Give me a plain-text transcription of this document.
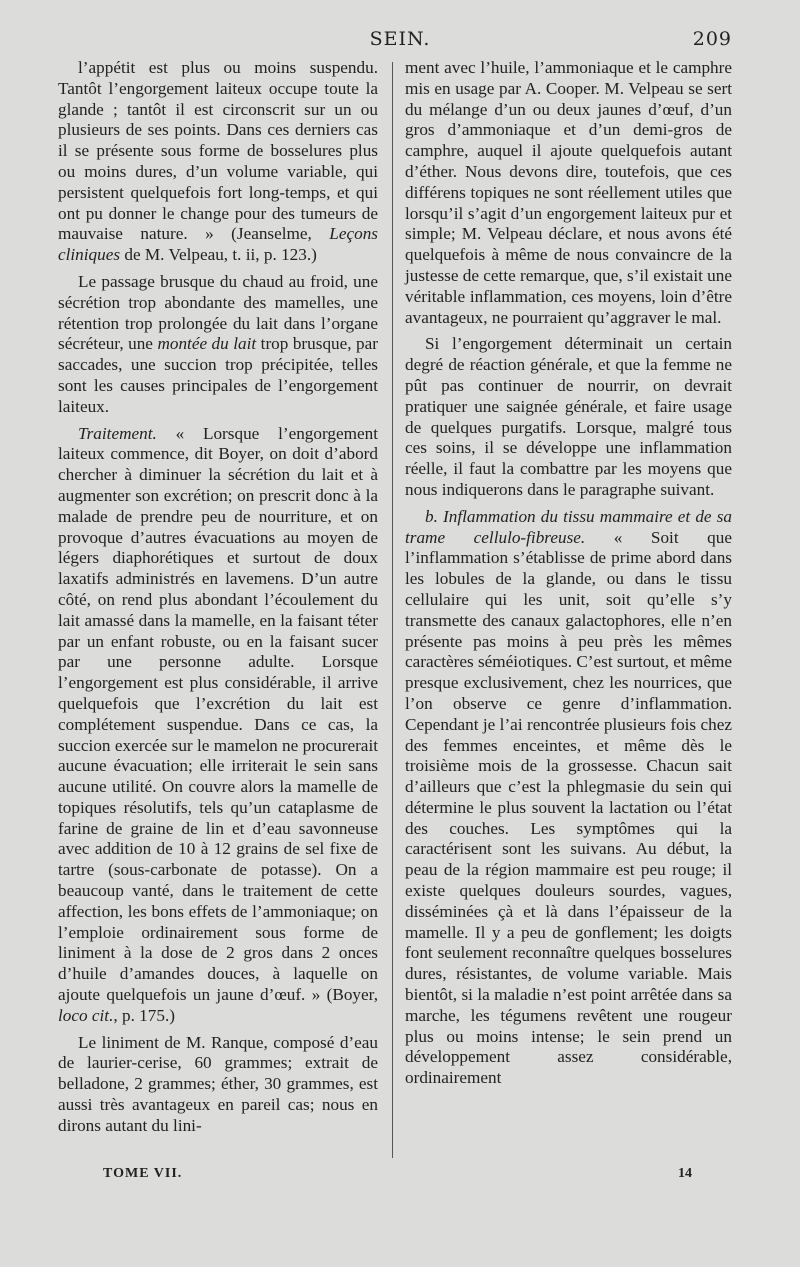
SEIN.	209

l’appétit est plus ou moins suspendu. Tantôt l’engorgement laiteux occupe toute la glande ; tantôt il est circonscrit sur un ou plusieurs de ses points. Dans ces derniers cas il se présente sous forme de bosselures plus ou moins dures, d’un volume variable, qui persistent quelquefois fort long-temps, et qui ont pu donner le change pour des tumeurs de mauvaise nature. » (Jeanselme, Leçons cliniques de M. Velpeau, t. ii, p. 123.)

Le passage brusque du chaud au froid, une sécrétion trop abondante des mamelles, une rétention trop prolongée du lait dans l’organe sécréteur, une montée du lait trop brusque, par saccades, une succion trop précipitée, telles sont les causes principales de l’engorgement laiteux.

Traitement. « Lorsque l’engorgement laiteux commence, dit Boyer, on doit d’abord chercher à diminuer la sécrétion du lait et à augmenter son excrétion; on prescrit donc à la malade de prendre peu de nourriture, et on provoque d’autres évacuations au moyen de légers diaphorétiques et surtout de doux laxatifs administrés en lavemens. D’un autre côté, on rend plus abondant l’écoulement du lait amassé dans la mamelle, en la faisant téter par un enfant robuste, ou en la faisant sucer par une personne adulte. Lorsque l’engorgement est plus considérable, il arrive quelquefois que l’excrétion du lait est complétement suspendue. Dans ce cas, la succion exercée sur le mamelon ne procurerait aucune évacuation; elle irriterait le sein sans aucune utilité. On couvre alors la mamelle de topiques résolutifs, tels qu’un cataplasme de farine de graine de lin et d’eau savonneuse avec addition de 10 à 12 grains de sel fixe de tartre (sous-carbonate de potasse). On a beaucoup vanté, dans le traitement de cette affection, les bons effets de l’ammoniaque; on l’emploie ordinairement sous forme de liniment à la dose de 2 gros dans 2 onces d’huile d’amandes douces, à laquelle on ajoute quelquefois un jaune d’œuf. » (Boyer, loco cit., p. 175.)

Le liniment de M. Ranque, composé d’eau de laurier-cerise, 60 grammes; extrait de belladone, 2 grammes; éther, 30 grammes, est aussi très avantageux en pareil cas; nous en dirons autant du lini-

ment avec l’huile, l’ammoniaque et le camphre mis en usage par A. Cooper. M. Velpeau se sert du mélange d’un ou deux jaunes d’œuf, d’un gros d’ammoniaque et d’un demi-gros de camphre, auquel il ajoute quelquefois autant d’éther. Nous devons dire, toutefois, que ces différens topiques ne sont réellement utiles que lorsqu’il s’agit d’un engorgement laiteux pur et simple; M. Velpeau déclare, et nous avons été quelquefois à même de nous convaincre de la justesse de cette remarque, que, s’il existait une véritable inflammation, ces moyens, loin d’être avantageux, ne pourraient qu’aggraver le mal.

Si l’engorgement déterminait un certain degré de réaction générale, et que la femme ne pût pas continuer de nourrir, on devrait pratiquer une saignée générale, et faire usage de quelques purgatifs. Lorsque, malgré tous ces soins, il se développe une inflammation réelle, il faut la combattre par les moyens que nous indiquerons dans le paragraphe suivant.

b. Inflammation du tissu mammaire et de sa trame cellulo-fibreuse. « Soit que l’inflammation s’établisse de prime abord dans les lobules de la glande, ou dans le tissu cellulaire qui les unit, soit qu’elle s’y transmette des canaux galactophores, elle n’en présente pas moins à peu près les mêmes caractères séméiotiques. C’est surtout, et même presque exclusivement, chez les nourrices, que l’on observe ce genre d’inflammation. Cependant je l’ai rencontrée plusieurs fois chez des femmes enceintes, et même dès le troisième mois de la grossesse. Chacun sait d’ailleurs que c’est la phlegmasie du sein qui détermine le plus souvent la lactation ou l’état des couches. Les symptômes qui la caractérisent sont les suivans. Au début, la peau de la région mammaire est peu rouge; il existe quelques douleurs sourdes, vagues, disséminées çà et là dans l’épaisseur de la mamelle. Il y a peu de gonflement; les doigts font seulement reconnaître quelques bosselures dures, résistantes, de volume variable. Mais bientôt, si la maladie n’est point arrêtée dans sa marche, les tégumens revêtent une rougeur plus ou moins intense; le sein prend un développement assez considérable, ordinairement

TOME VII.	14
